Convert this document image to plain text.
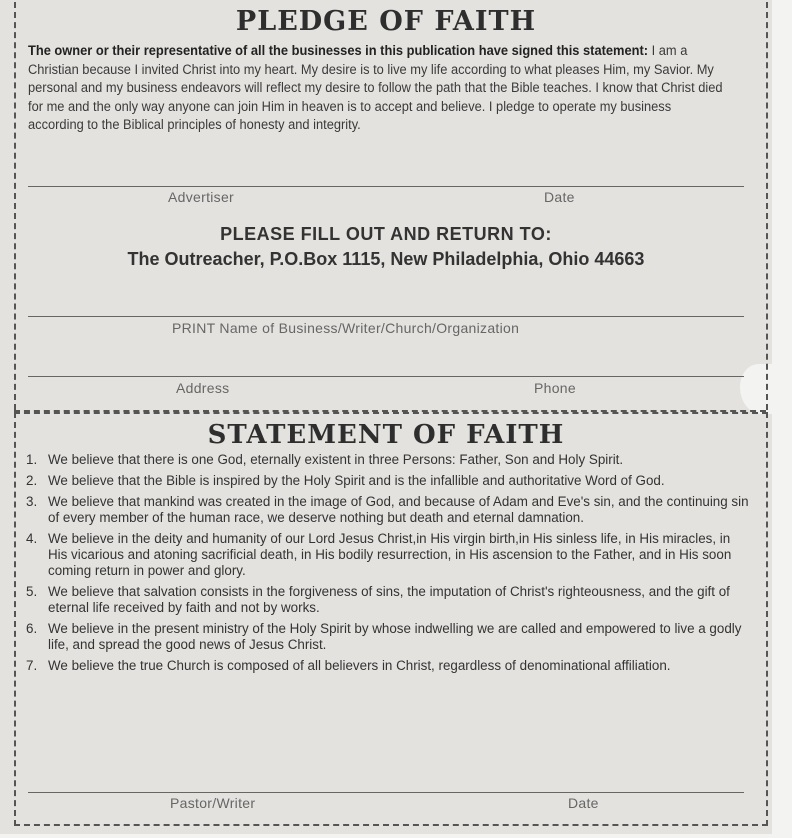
PLEDGE OF FAITH
The owner or their representative of all the businesses in this publication have signed this statement: I am a Christian because I invited Christ into my heart. My desire is to live my life according to what pleases Him, my Savior. My personal and my business endeavors will reflect my desire to follow the path that the Bible teaches. I know that Christ died for me and the only way anyone can join Him in heaven is to accept and believe. I pledge to operate my business according to the Biblical principles of honesty and integrity.
Advertiser	Date
PLEASE FILL OUT AND RETURN TO:
The Outreacher, P.O.Box 1115, New Philadelphia, Ohio 44663
PRINT Name of Business/Writer/Church/Organization
Address	Phone
STATEMENT OF FAITH
1. We believe that there is one God, eternally existent in three Persons: Father, Son and Holy Spirit.
2. We believe that the Bible is inspired by the Holy Spirit and is the infallible and authoritative Word of God.
3. We believe that mankind was created in the image of God, and because of Adam and Eve's sin, and the continuing sin of every member of the human race, we deserve nothing but death and eternal damnation.
4. We believe in the deity and humanity of our Lord Jesus Christ,in His virgin birth,in His sinless life, in His miracles, in His vicarious and atoning sacrificial death, in His bodily resurrection, in His ascension to the Father, and in His soon coming return in power and glory.
5. We believe that salvation consists in the forgiveness of sins, the imputation of Christ's righteousness, and the gift of eternal life received by faith and not by works.
6. We believe in the present ministry of the Holy Spirit by whose indwelling we are called and empowered to live a godly life, and spread the good news of Jesus Christ.
7. We believe the true Church is composed of all believers in Christ, regardless of denominational affiliation.
Pastor/Writer	Date
